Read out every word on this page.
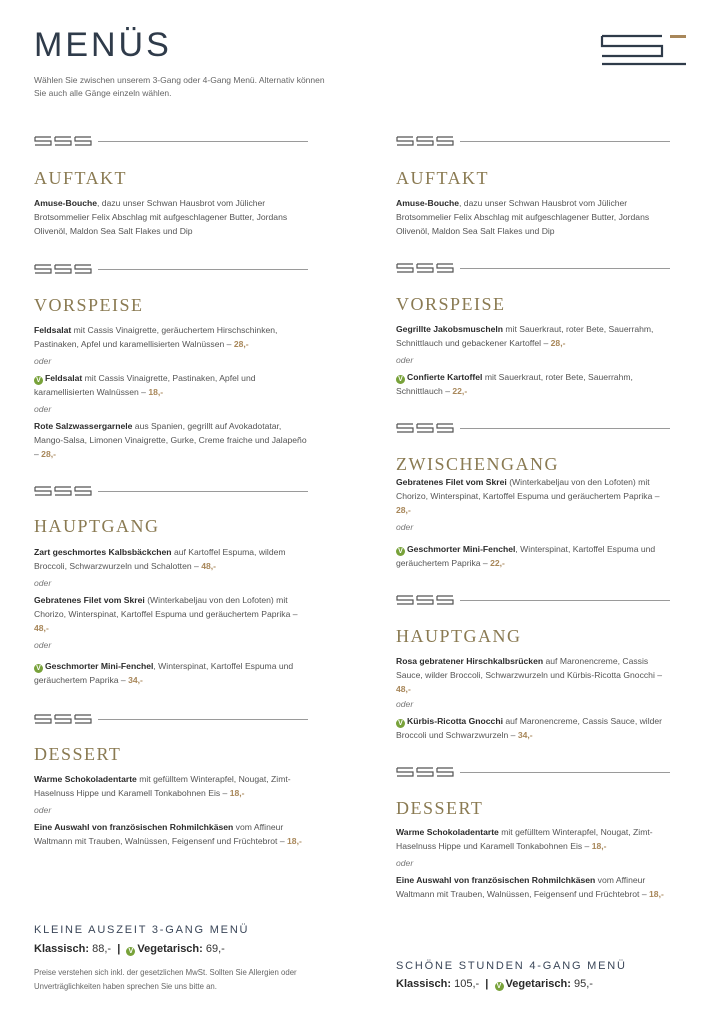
MENÜS
Wählen Sie zwischen unserem 3-Gang oder 4-Gang Menü. Alternativ können Sie auch alle Gänge einzeln wählen.
AUFTAKT
Amuse-Bouche, dazu unser Schwan Hausbrot vom Jülicher Brotsommelier Felix Abschlag mit aufgeschlagener Butter, Jordans Olivenöl, Maldon Sea Salt Flakes und Dip
VORSPEISE
Feldsalat mit Cassis Vinaigrette, geräuchertem Hirschschinken, Pastinaken, Apfel und karamellisierten Walnüssen – 28,-
oder
V Feldsalat mit Cassis Vinaigrette, Pastinaken, Apfel und karamellisierten Walnüssen – 18,-
oder
Rote Salzwassergarnele aus Spanien, gegrillt auf Avokadotatar, Mango-Salsa, Limonen Vinaigrette, Gurke, Creme fraiche und Jalapeño – 28,-
HAUPTGANG
Zart geschmortes Kalbsbäckchen auf Kartoffel Espuma, wildem Broccoli, Schwarzwurzeln und Schalotten – 48,-
oder
Gebratenes Filet vom Skrei (Winterkabeljau von den Lofoten) mit Chorizo, Winterspinat, Kartoffel Espuma und geräuchertem Paprika – 48,-
oder
V Geschmorter Mini-Fenchel, Winterspinat, Kartoffel Espuma und geräuchertem Paprika – 34,-
DESSERT
Warme Schokoladentarte mit gefülltem Winterapfel, Nougat, Zimt-Haselnuss Hippe und Karamell Tonkabohnen Eis – 18,-
oder
Eine Auswahl von französischen Rohmilchkäsen vom Affineur Waltmann mit Trauben, Walnüssen, Feigensenf und Früchtebrot – 18,-
KLEINE AUSZEIT 3-GANG MENÜ
Klassisch: 88,- | V Vegetarisch: 69,-
Preise verstehen sich inkl. der gesetzlichen MwSt. Sollten Sie Allergien oder Unverträglichkeiten haben sprechen Sie uns bitte an.
AUFTAKT
Amuse-Bouche, dazu unser Schwan Hausbrot vom Jülicher Brotsommelier Felix Abschlag mit aufgeschlagener Butter, Jordans Olivenöl, Maldon Sea Salt Flakes und Dip
VORSPEISE
Gegrillte Jakobsmuscheln mit Sauerkraut, roter Bete, Sauerrahm, Schnittlauch und gebackener Kartoffel – 28,-
oder
V Confierte Kartoffel mit Sauerkraut, roter Bete, Sauerrahm, Schnittlauch – 22,-
ZWISCHENGANG
Gebratenes Filet vom Skrei (Winterkabeljau von den Lofoten) mit Chorizo, Winterspinat, Kartoffel Espuma und geräuchertem Paprika – 28,-
oder
V Geschmorter Mini-Fenchel, Winterspinat, Kartoffel Espuma und geräuchertem Paprika – 22,-
HAUPTGANG
Rosa gebratener Hirschkalbsrücken auf Maronencreme, Cassis Sauce, wilder Broccoli, Schwarzwurzeln und Kürbis-Ricotta Gnocchi – 48,-
oder
V Kürbis-Ricotta Gnocchi auf Maronencreme, Cassis Sauce, wilder Broccoli und Schwarzwurzeln – 34,-
DESSERT
Warme Schokoladentarte mit gefülltem Winterapfel, Nougat, Zimt-Haselnuss Hippe und Karamell Tonkabohnen Eis – 18,-
oder
Eine Auswahl von französischen Rohmilchkäsen vom Affineur Waltmann mit Trauben, Walnüssen, Feigensenf und Früchtebrot – 18,-
SCHÖNE STUNDEN 4-GANG MENÜ
Klassisch: 105,- | V Vegetarisch: 95,-
